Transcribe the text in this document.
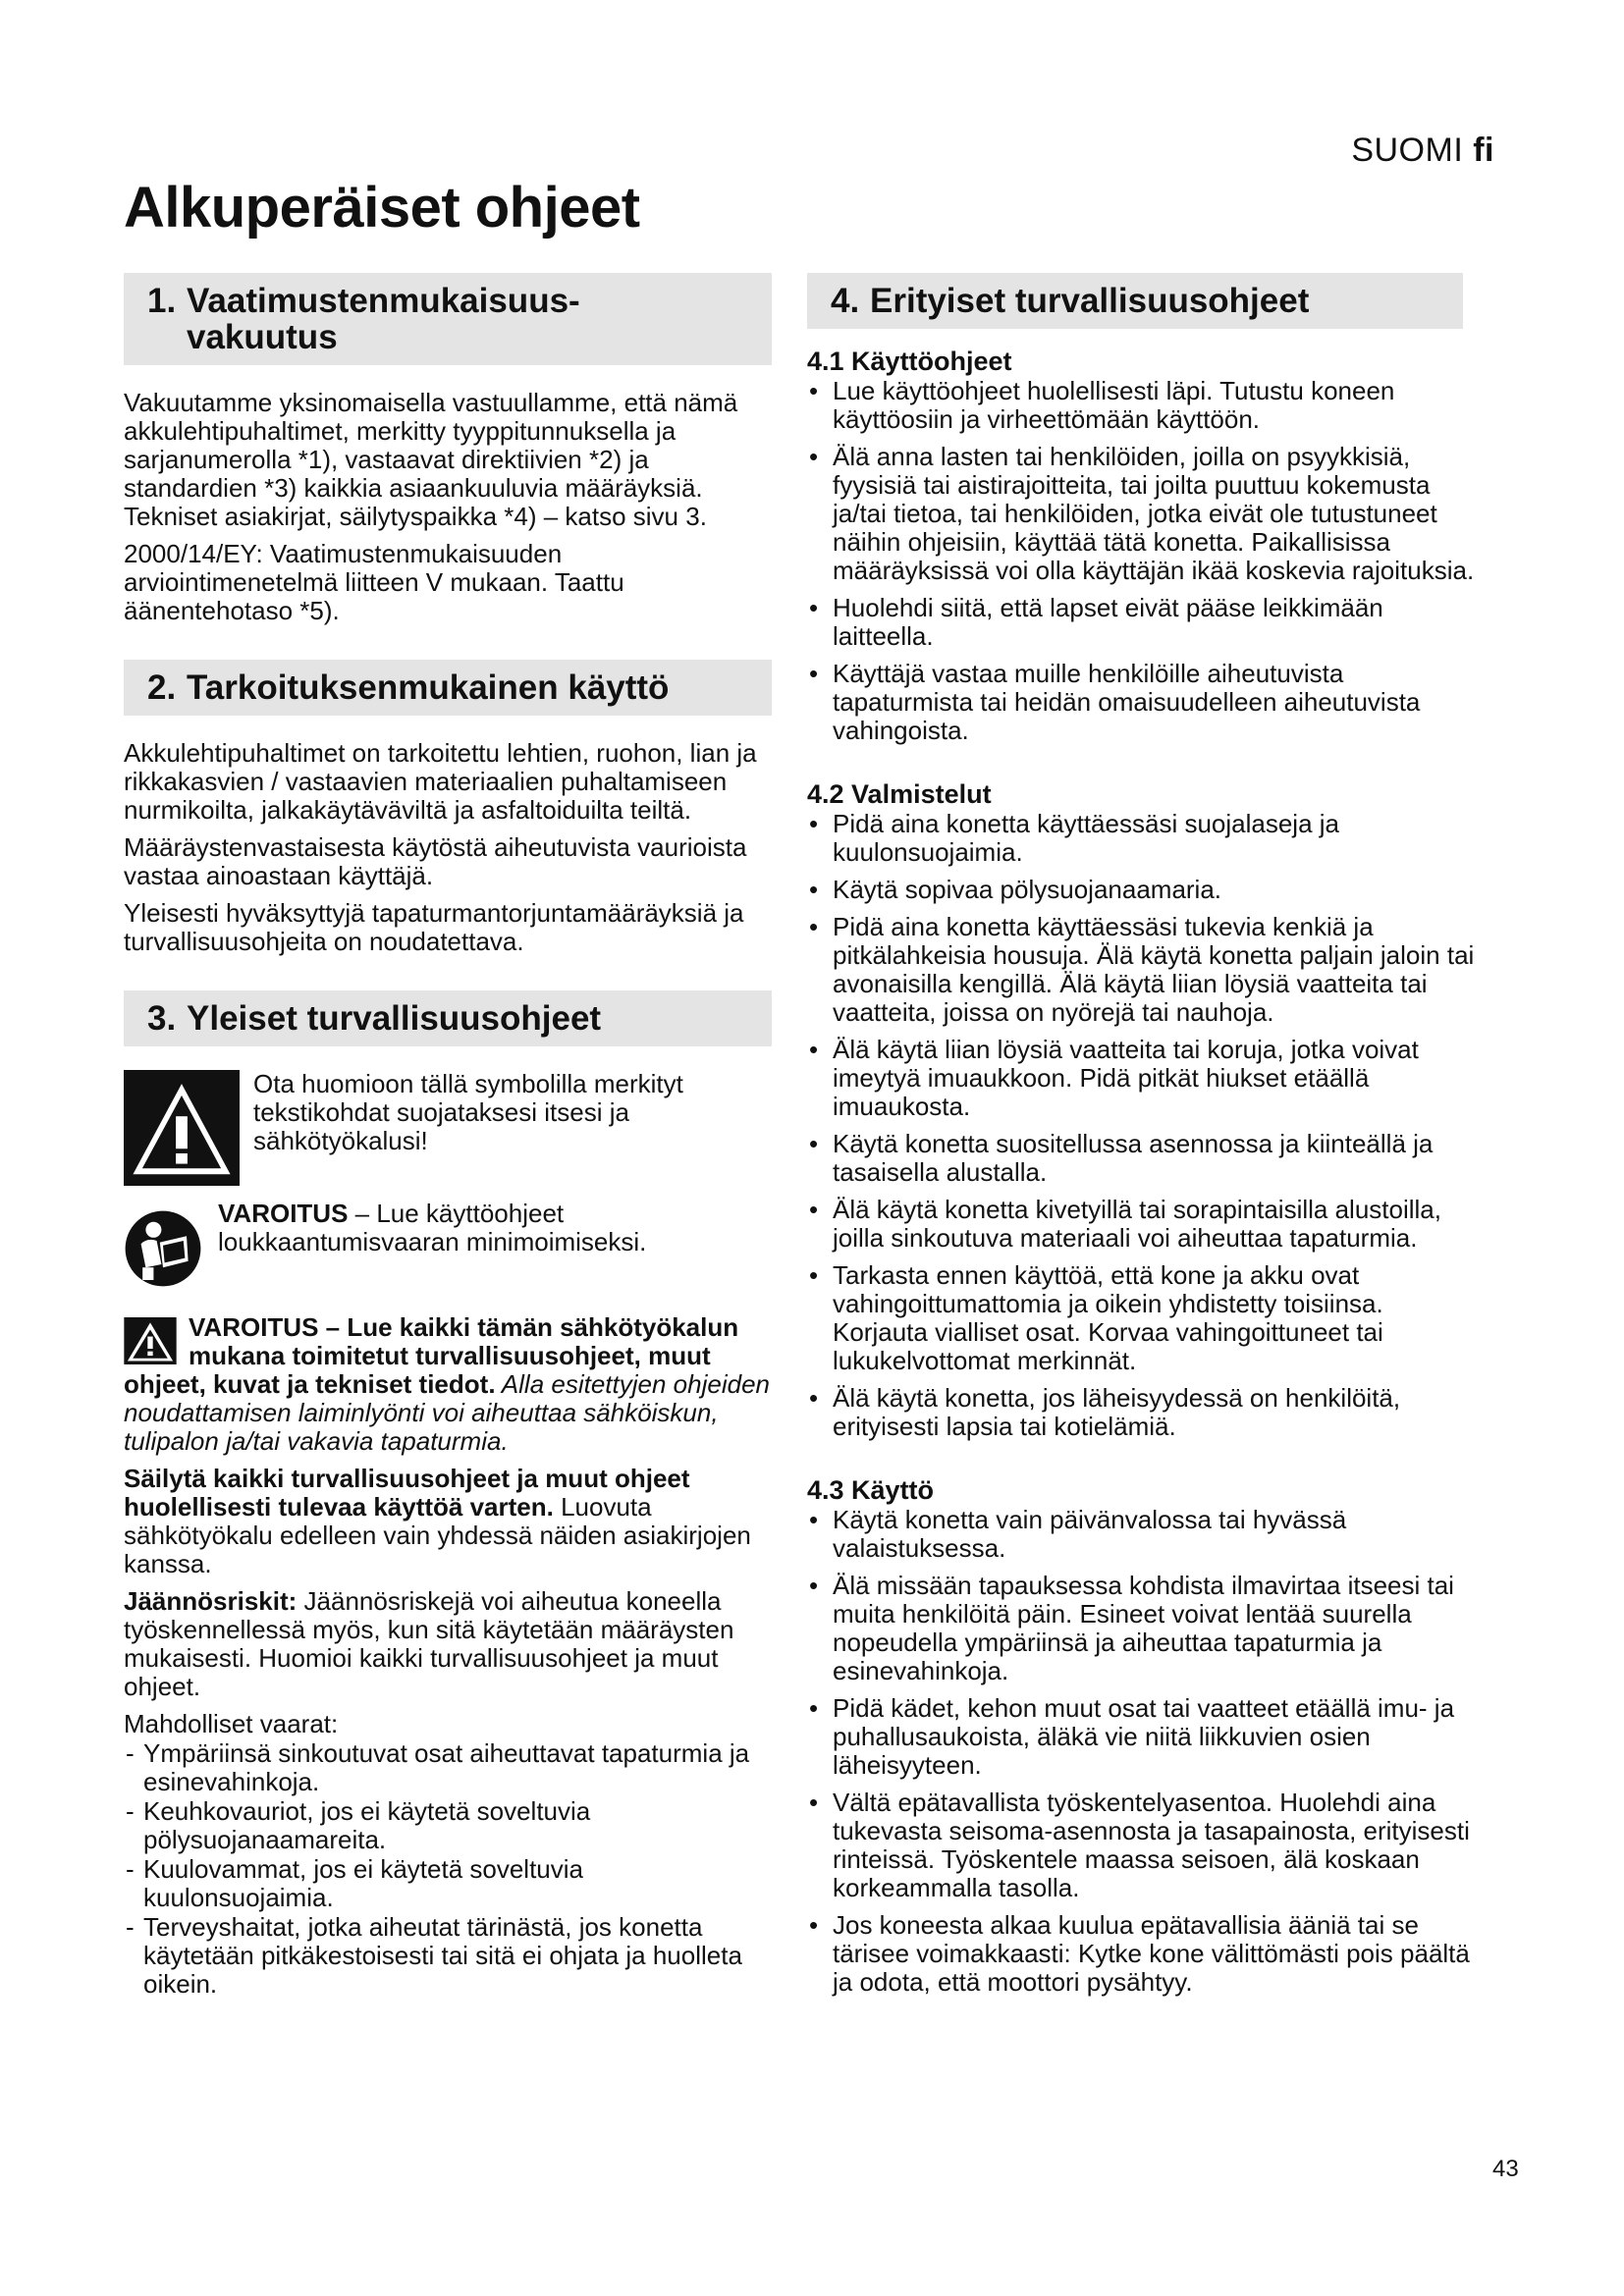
SUOMI fi
Alkuperäiset ohjeet
1. Vaatimustenmukaisuus-
vakuutus

Vakuutamme yksinomaisella vastuullamme, että nämä akkulehtipuhaltimet, merkitty tyyppitunnuksella ja sarjanumerolla *1), vastaavat direktiivien *2) ja standardien *3) kaikkia asiaankuuluvia määräyksiä. Tekniset asiakirjat, säilytyspaikka *4) – katso sivu 3.

2000/14/EY: Vaatimustenmukaisuuden arviointimenetelmä liitteen V mukaan. Taattu äänentehotaso *5).

2. Tarkoituksenmukainen käyttö

Akkulehtipuhaltimet on tarkoitettu lehtien, ruohon, lian ja rikkakasvien / vastaavien materiaalien puhaltamiseen nurmikoilta, jalkakäytäväviltä ja asfaltoiduilta teiltä.

Määräystenvastaisesta käytöstä aiheutuvista vaurioista vastaa ainoastaan käyttäjä.

Yleisesti hyväksyttyjä tapaturmantorjuntamääräyksiä ja turvallisuusohjeita on noudatettava.

3. Yleiset turvallisuusohjeet

Ota huomioon tällä symbolilla merkityt tekstikohdat suojataksesi itsesi ja sähkötyökalusi!

VAROITUS – Lue käyttöohjeet loukkaantumisvaaran minimoimiseksi.

VAROITUS – Lue kaikki tämän sähkötyökalun mukana toimitetut turvallisuusohjeet, muut ohjeet, kuvat ja tekniset tiedot. Alla esitettyjen ohjeiden noudattamisen laiminlyönti voi aiheuttaa sähköiskun, tulipalon ja/tai vakavia tapaturmia.

Säilytä kaikki turvallisuusohjeet ja muut ohjeet huolellisesti tulevaa käyttöä varten. Luovuta sähkötyökalu edelleen vain yhdessä näiden asiakirjojen kanssa.

Jäännösriskit: Jäännösriskejä voi aiheutua koneella työskennellessä myös, kun sitä käytetään määräysten mukaisesti. Huomioi kaikki turvallisuusohjeet ja muut ohjeet.

Mahdolliset vaarat:

- Ympäriinsä sinkoutuvat osat aiheuttavat tapaturmia ja esinevahinkoja.
- Keuhkovauriot, jos ei käytetä soveltuvia pölysuojanaamareita.
- Kuulovammat, jos ei käytetä soveltuvia kuulonsuojaimia.
- Terveyshaitat, jotka aiheutat tärinästä, jos konetta käytetään pitkäkestoisesti tai sitä ei ohjata ja huolleta oikein.
4. Erityiset turvallisuusohjeet
4.1 Käyttöohjeet
• Lue käyttöohjeet huolellisesti läpi. Tutustu koneen käyttöosiin ja virheettömään käyttöön.
• Älä anna lasten tai henkilöiden, joilla on psyykkisiä, fyysisiä tai aistirajoitteita, tai joilta puuttuu kokemusta ja/tai tietoa, tai henkilöiden, jotka eivät ole tutustuneet näihin ohjeisiin, käyttää tätä konetta. Paikallisissa määräyksissä voi olla käyttäjän ikää koskevia rajoituksia.
• Huolehdi siitä, että lapset eivät pääse leikkimään laitteella.
• Käyttäjä vastaa muille henkilöille aiheutuvista tapaturmista tai heidän omaisuudelleen aiheutuvista vahingoista.
4.2 Valmistelut
• Pidä aina konetta käyttäessäsi suojalaseja ja kuulonsuojaimia.
• Käytä sopivaa pölysuojanaamaria.
• Pidä aina konetta käyttäessäsi tukevia kenkiä ja pitkälahkeisia housuja. Älä käytä konetta paljain jaloin tai avonaisilla kengillä. Älä käytä liian löysiä vaatteita tai vaatteita, joissa on nyörejä tai nauhoja.
• Älä käytä liian löysiä vaatteita tai koruja, jotka voivat imeytyä imuaukkoon. Pidä pitkät hiukset etäällä imuaukosta.
• Käytä konetta suositellussa asennossa ja kiinteällä ja tasaisella alustalla.
• Älä käytä konetta kivetyillä tai sorapintaisilla alustoilla, joilla sinkoutuva materiaali voi aiheuttaa tapaturmia.
• Tarkasta ennen käyttöä, että kone ja akku ovat vahingoittumattomia ja oikein yhdistetty toisiinsa. Korjauta vialliset osat. Korvaa vahingoittuneet tai lukukelvottomat merkinnät.
• Älä käytä konetta, jos läheisyydessä on henkilöitä, erityisesti lapsia tai kotielämiä.
4.3 Käyttö
• Käytä konetta vain päivänvalossa tai hyvässä valaistuksessa.
• Älä missään tapauksessa kohdista ilmavirtaa itseesi tai muita henkilöitä päin. Esineet voivat lentää suurella nopeudella ympäriinsä ja aiheuttaa tapaturmia ja esinevahinkoja.
• Pidä kädet, kehon muut osat tai vaatteet etäällä imu- ja puhallusaukoista, äläkä vie niitä liikkuvien osien läheisyyteen.
• Vältä epätavallista työskentelyasentoa. Huolehdi aina tukevasta seisoma-asennosta ja tasapainosta, erityisesti rinteissä. Työskentele maassa seisoen, älä koskaan korkeammalla tasolla.
• Jos koneesta alkaa kuulua epätavallisia ääniä tai se tärisee voimakkaasti: Kytke kone välittömästi pois päältä ja odota, että moottori pysähtyy.
43
